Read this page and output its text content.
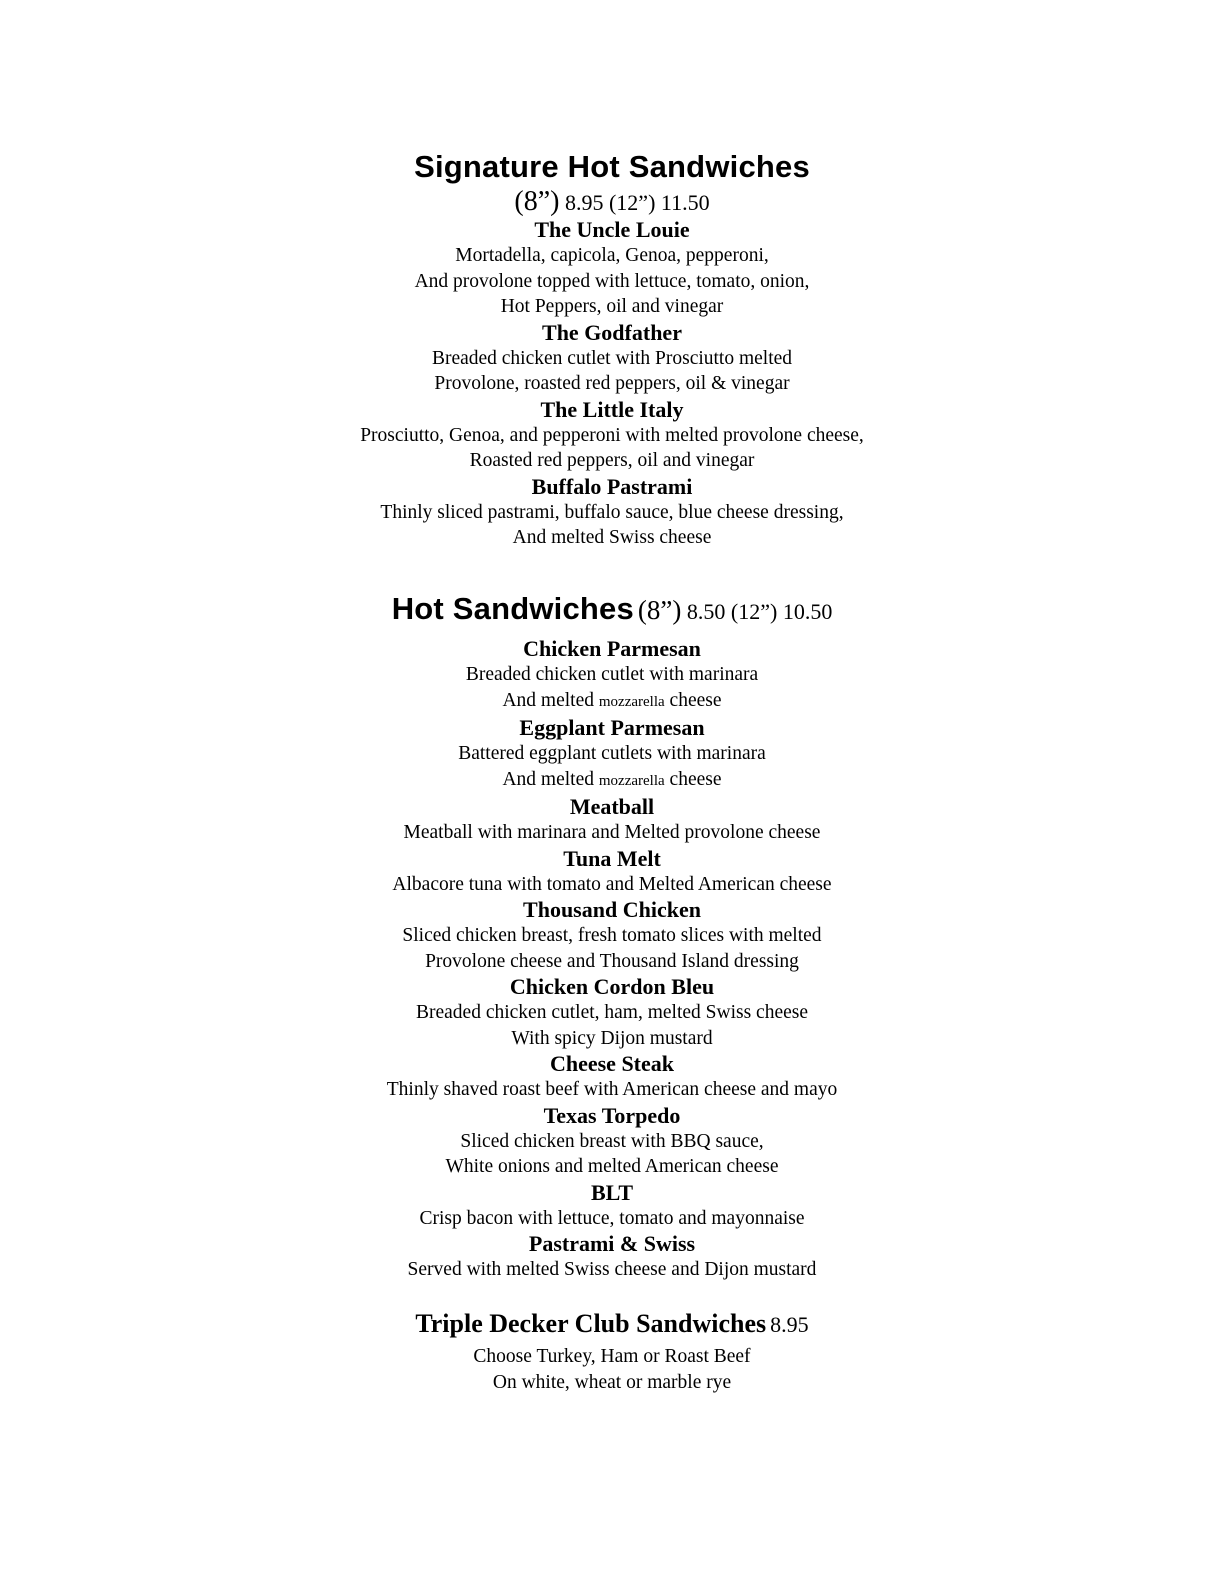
Signature Hot Sandwiches
(8”) 8.95 (12”) 11.50
The Uncle Louie
Mortadella, capicola, Genoa, pepperoni,
And provolone topped with lettuce, tomato, onion,
Hot Peppers, oil and vinegar
The Godfather
Breaded chicken cutlet with Prosciutto melted
Provolone, roasted red peppers, oil & vinegar
The Little Italy
Prosciutto, Genoa, and pepperoni with melted provolone cheese,
Roasted red peppers, oil and vinegar
Buffalo Pastrami
Thinly sliced pastrami, buffalo sauce, blue cheese dressing,
And melted Swiss cheese
Hot Sandwiches (8”) 8.50 (12”) 10.50
Chicken Parmesan
Breaded chicken cutlet with marinara
And melted mozzarella cheese
Eggplant Parmesan
Battered eggplant cutlets with marinara
And melted mozzarella cheese
Meatball
Meatball with marinara and Melted provolone cheese
Tuna Melt
Albacore tuna with tomato and Melted American cheese
Thousand Chicken
Sliced chicken breast, fresh tomato slices with melted
Provolone cheese and Thousand Island dressing
Chicken Cordon Bleu
Breaded chicken cutlet, ham, melted Swiss cheese
With spicy Dijon mustard
Cheese Steak
Thinly shaved roast beef with American cheese and mayo
Texas Torpedo
Sliced chicken breast with BBQ sauce,
White onions and melted American cheese
BLT
Crisp bacon with lettuce, tomato and mayonnaise
Pastrami & Swiss
Served with melted Swiss cheese and Dijon mustard
Triple Decker Club Sandwiches 8.95
Choose Turkey, Ham or Roast Beef
On white, wheat or marble rye
